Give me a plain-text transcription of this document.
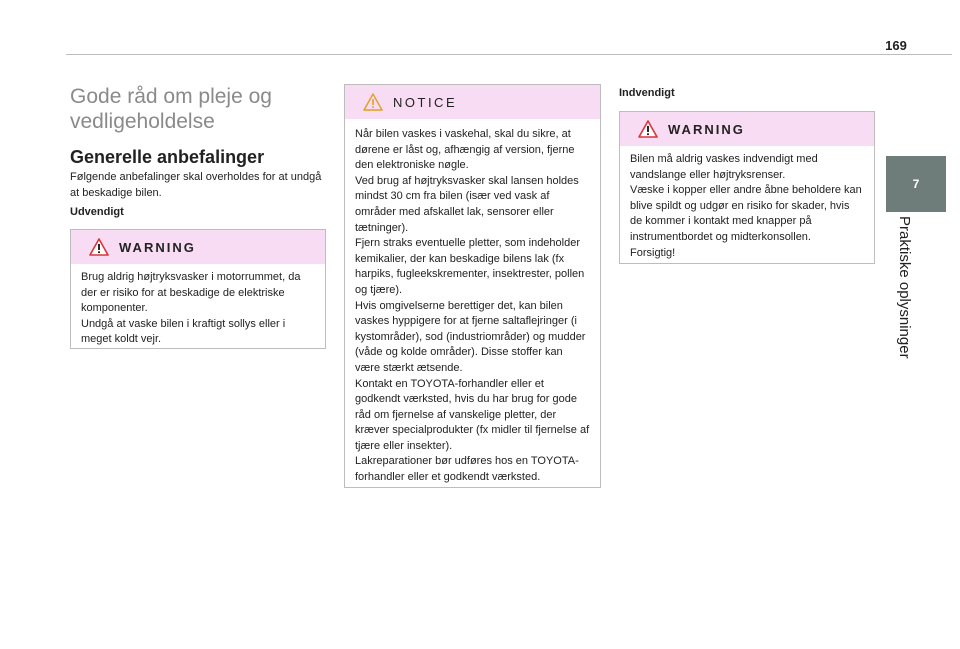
169
7
Praktiske oplysninger
Gode råd om pleje og vedligeholdelse
Generelle anbefalinger
Følgende anbefalinger skal overholdes for at undgå at beskadige bilen.
Udvendigt
WARNING

Brug aldrig højtryksvasker i motorrummet, da der er risiko for at beskadige de elektriske komponenter.

Undgå at vaske bilen i kraftigt sollys eller i meget koldt vejr.

NOTICE

Når bilen vaskes i vaskehal, skal du sikre, at dørene er låst og, afhængig af version, fjerne den elektroniske nøgle.

Ved brug af højtryksvasker skal lansen holdes mindst 30 cm fra bilen (især ved vask af områder med afskallet lak, sensorer eller tætninger).

Fjern straks eventuelle pletter, som indeholder kemikalier, der kan beskadige bilens lak (fx harpiks, fugleekskrementer, insektrester, pollen og tjære).

Hvis omgivelserne berettiger det, kan bilen vaskes hyppigere for at fjerne saltaflejringer (i kystområder), sod (industriområder) og mudder (våde og kolde områder). Disse stoffer kan være stærkt ætsende.

Kontakt en TOYOTA-forhandler eller et godkendt værksted, hvis du har brug for gode råd om fjernelse af vanskelige pletter, der kræver specialprodukter (fx midler til fjernelse af tjære eller insekter).

Lakreparationer bør udføres hos en TOYOTA-forhandler eller et godkendt værksted.

Indvendigt
WARNING

Bilen må aldrig vaskes indvendigt med vandslange eller højtryksrenser.

Væske i kopper eller andre åbne beholdere kan blive spildt og udgør en risiko for skader, hvis de kommer i kontakt med knapper på instrumentbordet og midterkonsollen.

Forsigtig!
